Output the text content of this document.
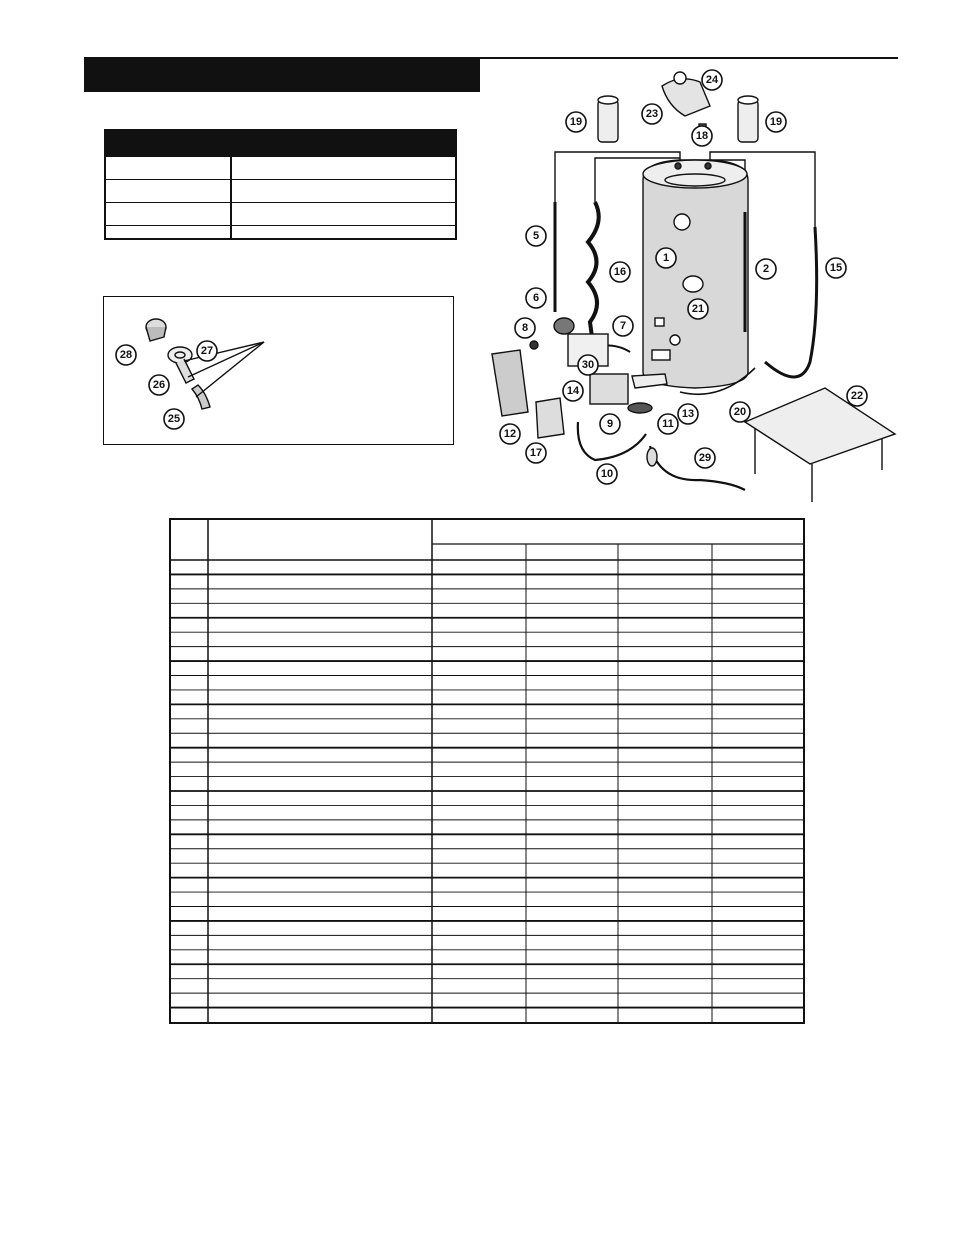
28	27
26
25
1
2
5
6
7
8
9
10
11
12
13
14
15
16
17
18
19	19
20
21
22
23
24
29
30
